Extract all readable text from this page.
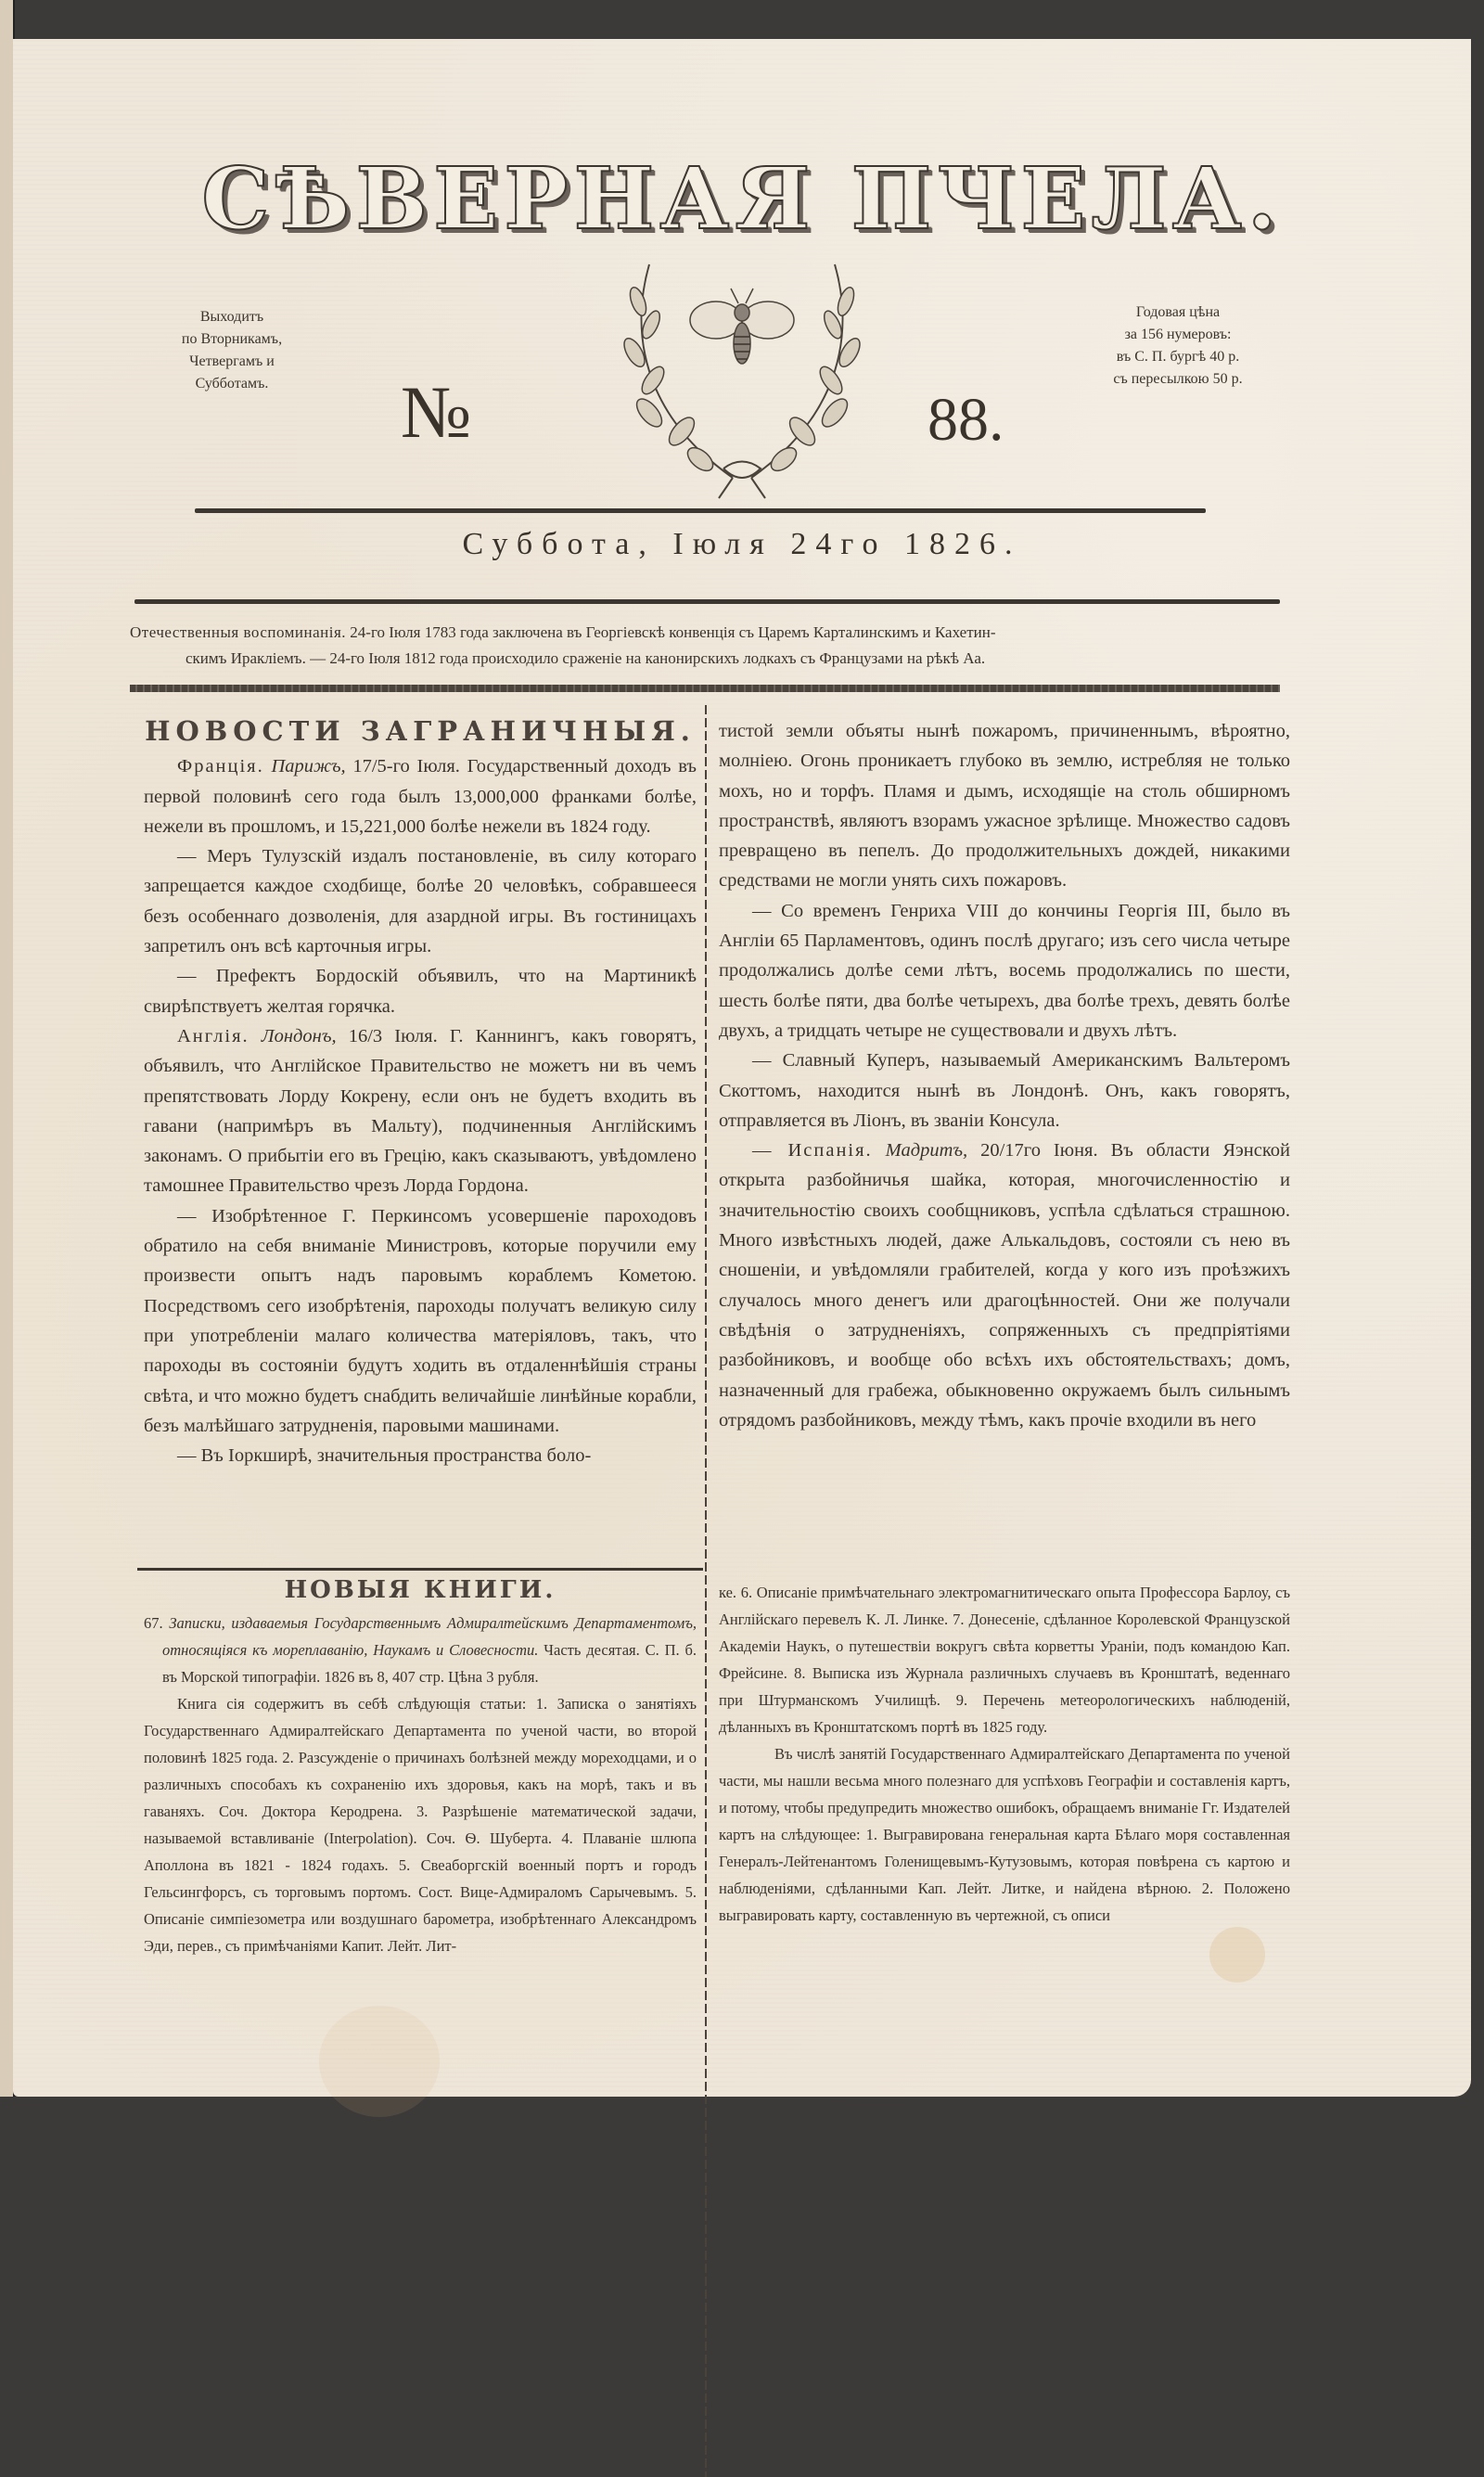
СѢВЕРНАЯ ПЧЕЛА.
Выходитъ
по Вторникамъ,
Четвергамъ и
Субботамъ.
Годовая цѣна
за 156 нумеровъ:
въ С. П. бургѣ 40 р.
съ пересылкою 50 р.
№	88.
Суббота, Іюля 24го 1826.
Отечественныя воспоминанія. 24-го Іюля 1783 года заключена въ Георгіевскѣ конвенція съ Царемъ Карталинскимъ и Кахетин-
скимъ Иракліемъ. — 24-го Іюля 1812 года происходило сраженіе на канонирскихъ лодкахъ съ Французами на рѣкѣ Аа.
НОВОСТИ ЗАГРАНИЧНЫЯ.

Франція. Парижъ, 17/5-го Іюля. Государственный доходъ въ первой половинѣ сего года былъ 13,000,000 франками болѣе, нежели въ прошломъ, и 15,221,000 болѣе нежели въ 1824 году.

— Меръ Тулузскій издалъ постановленіе, въ силу котораго запрещается каждое сходбище, болѣе 20 человѣкъ, собравшееся безъ особеннаго дозволенія, для азардной игры. Въ гостиницахъ запретилъ онъ всѣ карточныя игры.

— Префектъ Бордоскій объявилъ, что на Мартиникѣ свирѣпствуетъ желтая горячка.

Англія. Лондонъ, 16/3 Іюля. Г. Каннингъ, какъ говорятъ, объявилъ, что Англійское Правительство не можетъ ни въ чемъ препятствовать Лорду Кокрену, если онъ не будетъ входить въ гавани (напримѣръ въ Мальту), подчиненныя Англійскимъ законамъ. О прибытіи его въ Грецію, какъ сказываютъ, увѣдомлено тамошнее Правительство чрезъ Лорда Гордона.

— Изобрѣтенное Г. Перкинсомъ усовершеніе пароходовъ обратило на себя вниманіе Министровъ, которые поручили ему произвести опытъ надъ паровымъ кораблемъ Кометою. Посредствомъ сего изобрѣтенія, пароходы получатъ великую силу при употребленіи малаго количества матеріяловъ, такъ, что пароходы въ состояніи будутъ ходить въ отдаленнѣйшія страны свѣта, и что можно будетъ снабдить величайшіе линѣйные корабли, безъ малѣйшаго затрудненія, паровыми машинами.

— Въ Іоркширѣ, значительныя пространства боло-

тистой земли объяты нынѣ пожаромъ, причиненнымъ, вѣроятно, молніею. Огонь проникаетъ глубоко въ землю, истребляя не только мохъ, но и торфъ. Пламя и дымъ, исходящіе на столь обширномъ пространствѣ, являютъ взорамъ ужасное зрѣлище. Множество садовъ превращено въ пепелъ. До продолжительныхъ дождей, никакими средствами не могли унять сихъ пожаровъ.

— Со временъ Генриха VIII до кончины Георгія III, было въ Англіи 65 Парламентовъ, одинъ послѣ другаго; изъ сего числа четыре продолжались долѣе семи лѣтъ, восемь продолжались по шести, шесть болѣе пяти, два болѣе четырехъ, два болѣе трехъ, девять болѣе двухъ, а тридцать четыре не существовали и двухъ лѣтъ.

— Славный Куперъ, называемый Американскимъ Вальтеромъ Скоттомъ, находится нынѣ въ Лондонѣ. Онъ, какъ говорятъ, отправляется въ Ліонъ, въ званіи Консула.

— Испанія. Мадритъ, 20/17го Іюня. Въ области Яэнской открыта разбойничья шайка, которая, многочисленностію и значительностію своихъ сообщниковъ, успѣла сдѣлаться страшною. Много извѣстныхъ людей, даже Алькальдовъ, состояли съ нею въ сношеніи, и увѣдомляли грабителей, когда у кого изъ проѣзжихъ случалось много денегъ или драгоцѣнностей. Они же получали свѣдѣнія о затрудненіяхъ, сопряженныхъ съ предпріятіями разбойниковъ, и вообще обо всѣхъ ихъ обстоятельствахъ; домъ, назначенный для грабежа, обыкновенно окружаемъ былъ сильнымъ отрядомъ разбойниковъ, между тѣмъ, какъ прочіе входили въ него

НОВЫЯ КНИГИ.

67. Записки, издаваемыя Государственнымъ Адмиралтейскимъ Департаментомъ, относящіяся къ мореплаванію, Наукамъ и Словесности. Часть десятая. С. П. б. въ Морской типографіи. 1826 въ 8, 407 стр. Цѣна 3 рубля.

Книга сія содержитъ въ себѣ слѣдующія статьи: 1. Записка о занятіяхъ Государственнаго Адмиралтейскаго Департамента по ученой части, во второй половинѣ 1825 года. 2. Разсужденіе о причинахъ болѣзней между мореходцами, и о различныхъ способахъ къ сохраненію ихъ здоровья, какъ на морѣ, такъ и въ гаваняхъ. Соч. Доктора Керодрена. 3. Разрѣшеніе математической задачи, называемой вставливаніе (Interpolation). Соч. Ѳ. Шуберта. 4. Плаваніе шлюпа Аполлона въ 1821 - 1824 годахъ. 5. Свеаборгскій военный портъ и городъ Гельсингфорсъ, съ торговымъ портомъ. Сост. Вице-Адмираломъ Сарычевымъ. 5. Описаніе симпіезометра или воздушнаго барометра, изобрѣтеннаго Александромъ Эди, перев., съ примѣчаніями Капит. Лейт. Лит-

ке. 6. Описаніе примѣчательнаго электромагнитическаго опыта Профессора Барлоу, съ Англійскаго перевелъ К. Л. Линке. 7. Донесеніе, сдѣланное Королевской Французской Академіи Наукъ, о путешествіи вокругъ свѣта корветты Ураніи, подъ командою Кап. Фрейсине. 8. Выписка изъ Журнала различныхъ случаевъ въ Кронштатѣ, веденнаго при Штурманскомъ Училищѣ. 9. Перечень метеорологическихъ наблюденій, дѣланныхъ въ Кронштатскомъ портѣ въ 1825 году.

Въ числѣ занятій Государственнаго Адмиралтейскаго Департамента по ученой части, мы нашли весьма много полезнаго для успѣховъ Географіи и составленія картъ, и потому, чтобы предупредить множество ошибокъ, обращаемъ вниманіе Гг. Издателей картъ на слѣдующее: 1. Выгравирована генеральная карта Бѣлаго моря составленная Генералъ-Лейтенантомъ Голенищевымъ-Кутузовымъ, которая повѣрена съ картою и наблюденіями, сдѣланными Кап. Лейт. Литке, и найдена вѣрною. 2. Положено выгравировать карту, составленную въ чертежной, съ описи
